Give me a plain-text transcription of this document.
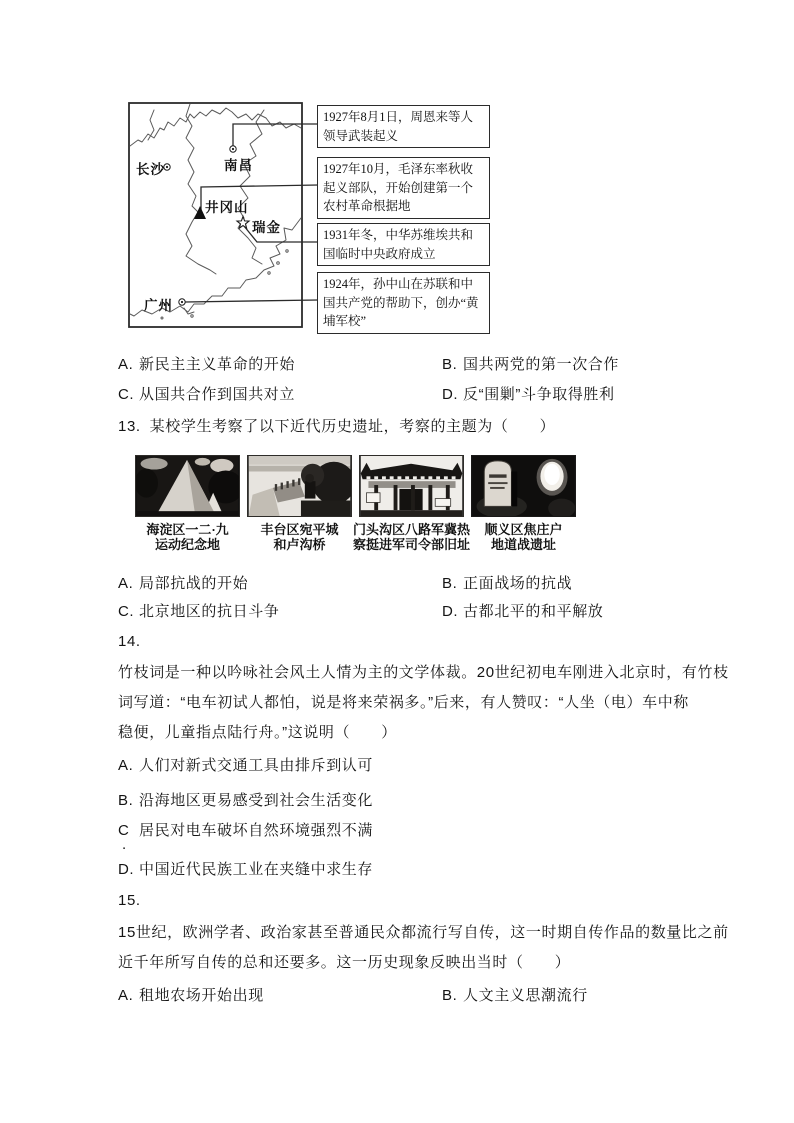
长沙	南昌
井冈山
瑞金
广州
1927年8月1日，周恩来等人领导武装起义
1927年10月，毛泽东率秋收起义部队，开始创建第一个农村革命根据地
1931年冬，中华苏维埃共和国临时中央政府成立
1924年，孙中山在苏联和中国共产党的帮助下，创办“黄埔军校”
A. 新民主主义革命的开始	B. 国共两党的第一次合作
C. 从国共合作到国共对立	D. 反“围剿”斗争取得胜利
13. 某校学生考察了以下近代历史遗址，考察的主题为（　　）
海淀区一二·九
运动纪念地
丰台区宛平城
和卢沟桥
门头沟区八路军冀热
察挺进军司令部旧址
顺义区焦庄户
地道战遗址
A. 局部抗战的开始	B. 正面战场的抗战
C. 北京地区的抗日斗争	D. 古都北平的和平解放
14.
竹枝词是一种以吟咏社会风土人情为主的文学体裁。20世纪初电车刚进入北京时，有竹枝
词写道：“电车初试人都怕，说是将来荣祸多。”后来，有人赞叹：“人坐（电）车中称
稳便，儿童指点陆行舟。”这说明（　　）
A. 人们对新式交通工具由排斥到认可
B. 沿海地区更易感受到社会生活变化
C 居民对电车破坏自然环境强烈不满
.
D. 中国近代民族工业在夹缝中求生存
15.
15世纪，欧洲学者、政治家甚至普通民众都流行写自传，这一时期自传作品的数量比之前
近千年所写自传的总和还要多。这一历史现象反映出当时（　　）
A. 租地农场开始出现	B. 人文主义思潮流行
